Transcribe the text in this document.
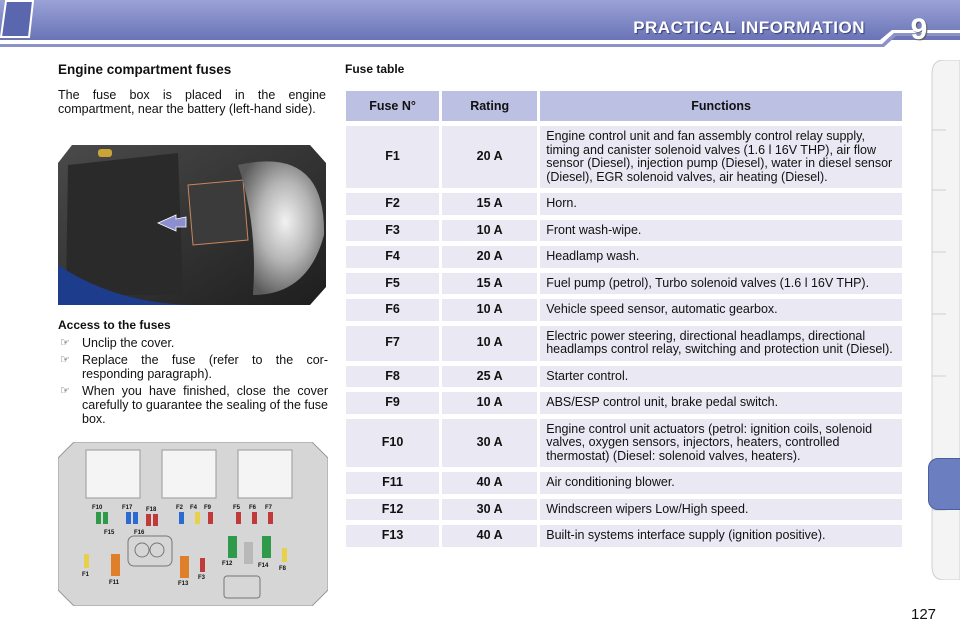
PRACTICAL INFORMATION 9
Engine compartment fuses
The fuse box is placed in the engine compartment, near the battery (left-hand side).
Access to the fuses
☞ Unclip the cover.
☞ Replace the fuse (refer to the cor-responding paragraph).
☞ When you have finished, close the cover carefully to guarantee the sealing of the fuse box.
F10	F17 F18	F2 F4 F9	F5 F6 F7
F15	F16
F1
F11	F13
F3
F12	F14 F8
Fuse table
Fuse N°	Rating	Functions
F1	20 A	Engine control unit and fan assembly control relay supply, timing and canister solenoid valves (1.6 l 16V THP), air flow sensor (Diesel), injection pump (Diesel), water in diesel sensor (Diesel), EGR solenoid valves, air heating (Diesel).
F2	15 A	Horn.
F3	10 A	Front wash-wipe.
F4	20 A	Headlamp wash.
F5	15 A	Fuel pump (petrol), Turbo solenoid valves (1.6 l 16V THP).
F6	10 A	Vehicle speed sensor, automatic gearbox.
F7	10 A	Electric power steering, directional headlamps, directional headlamps control relay, switching and protection unit (Diesel).
F8	25 A	Starter control.
F9	10 A	ABS/ESP control unit, brake pedal switch.
F10	30 A	Engine control unit actuators (petrol: ignition coils, solenoid valves, oxygen sensors, injectors, heaters, controlled thermostat) (Diesel: solenoid valves, heaters).
F11	40 A	Air conditioning blower.
F12	30 A	Windscreen wipers Low/High speed.
F13	40 A	Built-in systems interface supply (ignition positive).
127
